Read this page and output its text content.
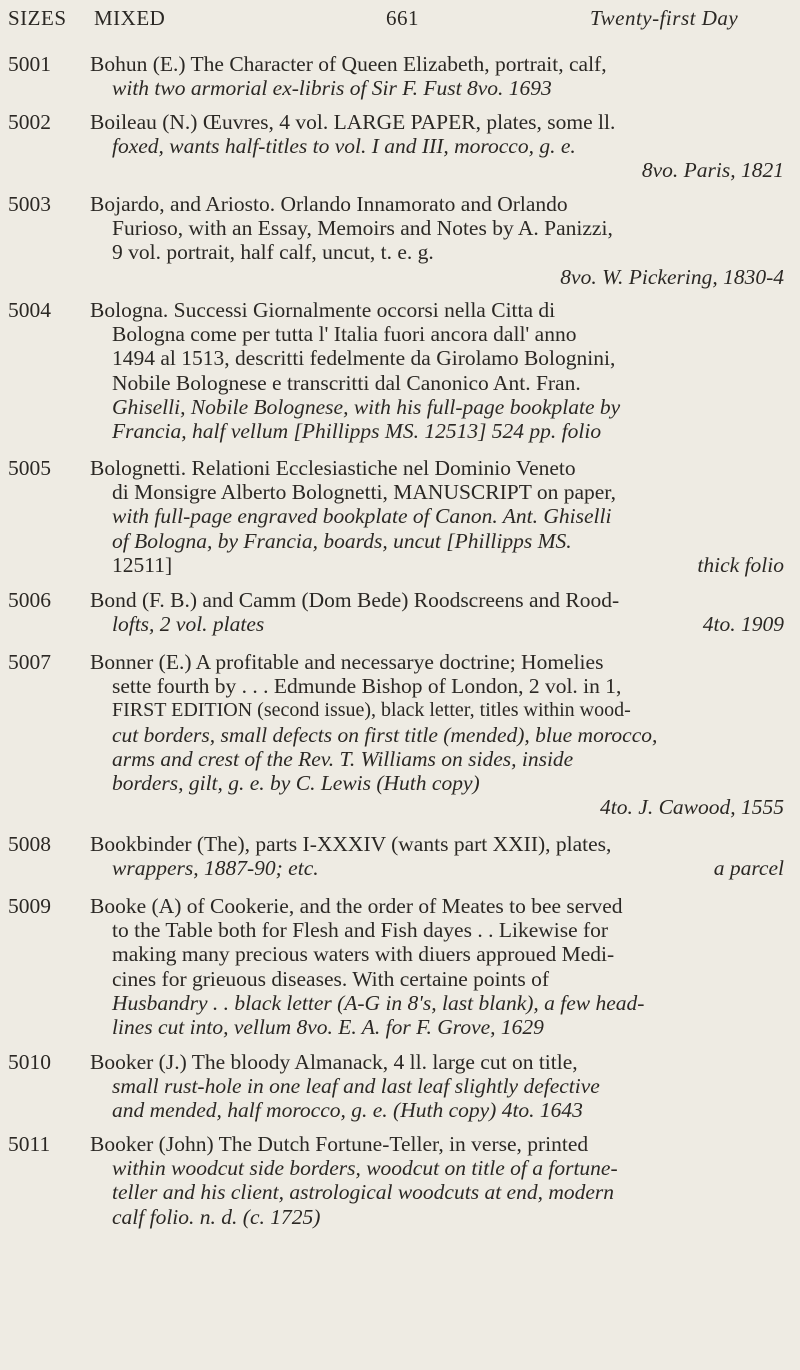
SIZES MIXED	661	Twenty-first Day
5001	Bohun (E.) The Character of Queen Elizabeth, portrait, calf,
with two armorial ex-libris of Sir F. Fust 8vo. 1693
5002	Boileau (N.) Œuvres, 4 vol. LARGE PAPER, plates, some ll.
foxed, wants half-titles to vol. I and III, morocco, g. e.
8vo. Paris, 1821
5003	Bojardo, and Ariosto. Orlando Innamorato and Orlando
Furioso, with an Essay, Memoirs and Notes by A. Panizzi,
9 vol. portrait, half calf, uncut, t. e. g.
8vo. W. Pickering, 1830-4
5004	Bologna. Successi Giornalmente occorsi nella Citta di
Bologna come per tutta l' Italia fuori ancora dall' anno
1494 al 1513, descritti fedelmente da Girolamo Bolognini,
Nobile Bolognese e transcritti dal Canonico Ant. Fran.
Ghiselli, Nobile Bolognese, with his full-page bookplate by
Francia, half vellum [Phillipps MS. 12513] 524 pp. folio
5005	Bolognetti. Relationi Ecclesiastiche nel Dominio Veneto
di Monsigre Alberto Bolognetti, MANUSCRIPT on paper,
with full-page engraved bookplate of Canon. Ant. Ghiselli
of Bologna, by Francia, boards, uncut [Phillipps MS.
12511]	thick folio
5006	Bond (F. B.) and Camm (Dom Bede) Roodscreens and Rood-
lofts, 2 vol. plates	4to. 1909
5007	Bonner (E.) A profitable and necessarye doctrine; Homelies
sette fourth by . . . Edmunde Bishop of London, 2 vol. in 1,
FIRST EDITION (second issue), black letter, titles within wood-
cut borders, small defects on first title (mended), blue morocco,
arms and crest of the Rev. T. Williams on sides, inside
borders, gilt, g. e. by C. Lewis (Huth copy)
4to. J. Cawood, 1555
5008	Bookbinder (The), parts I-XXXIV (wants part XXII), plates,
wrappers, 1887-90; etc.	a parcel
5009	Booke (A) of Cookerie, and the order of Meates to bee served
to the Table both for Flesh and Fish dayes . . Likewise for
making many precious waters with diuers approued Medi-
cines for grieuous diseases. With certaine points of
Husbandry . . black letter (A-G in 8's, last blank), a few head-
lines cut into, vellum 8vo. E. A. for F. Grove, 1629
5010	Booker (J.) The bloody Almanack, 4 ll. large cut on title,
small rust-hole in one leaf and last leaf slightly defective
and mended, half morocco, g. e. (Huth copy) 4to. 1643
5011	Booker (John) The Dutch Fortune-Teller, in verse, printed
within woodcut side borders, woodcut on title of a fortune-
teller and his client, astrological woodcuts at end, modern
calf folio. n. d. (c. 1725)
